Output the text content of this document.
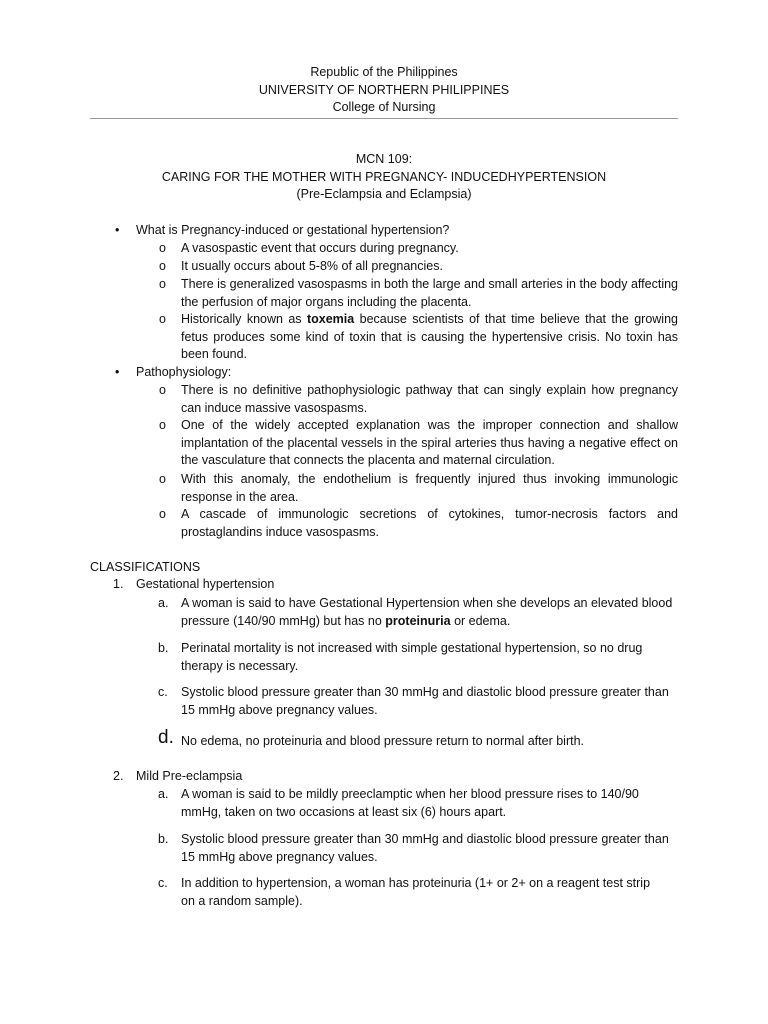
Republic of the Philippines
UNIVERSITY OF NORTHERN PHILIPPINES
College of Nursing
MCN 109:
CARING FOR THE MOTHER WITH PREGNANCY- INDUCEDHYPERTENSION
(Pre-Eclampsia and Eclampsia)
• What is Pregnancy-induced or gestational hypertension?
o A vasospastic event that occurs during pregnancy.
o It usually occurs about 5-8% of all pregnancies.
o There is generalized vasospasms in both the large and small arteries in the body affecting the perfusion of major organs including the placenta.
o Historically known as toxemia because scientists of that time believe that the growing fetus produces some kind of toxin that is causing the hypertensive crisis. No toxin has been found.
• Pathophysiology:
o There is no definitive pathophysiologic pathway that can singly explain how pregnancy can induce massive vasospasms.
o One of the widely accepted explanation was the improper connection and shallow implantation of the placental vessels in the spiral arteries thus having a negative effect on the vasculature that connects the placenta and maternal circulation.
o With this anomaly, the endothelium is frequently injured thus invoking immunologic response in the area.
o A cascade of immunologic secretions of cytokines, tumor-necrosis factors and prostaglandins induce vasospasms.
CLASSIFICATIONS
1. Gestational hypertension
a. A woman is said to have Gestational Hypertension when she develops an elevated blood pressure (140/90 mmHg) but has no proteinuria or edema.
b. Perinatal mortality is not increased with simple gestational hypertension, so no drug therapy is necessary.
c. Systolic blood pressure greater than 30 mmHg and diastolic blood pressure greater than 15 mmHg above pregnancy values.
d. No edema, no proteinuria and blood pressure return to normal after birth.
2. Mild Pre-eclampsia
a. A woman is said to be mildly preeclamptic when her blood pressure rises to 140/90 mmHg, taken on two occasions at least six (6) hours apart.
b. Systolic blood pressure greater than 30 mmHg and diastolic blood pressure greater than 15 mmHg above pregnancy values.
c. In addition to hypertension, a woman has proteinuria (1+ or 2+ on a reagent test strip on a random sample).
